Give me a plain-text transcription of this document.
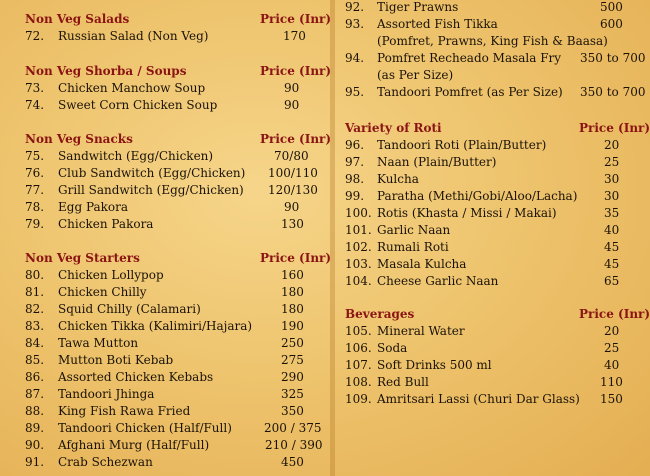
Non Veg Salads	Price (Inr)
72. Russian Salad (Non Veg)	170
Non Veg Shorba / Soups	Price (Inr)
73. Chicken Manchow Soup	90
74. Sweet Corn Chicken Soup	90
Non Veg Snacks	Price (Inr)
75. Sandwitch (Egg/Chicken)	70/80
76. Club Sandwitch (Egg/Chicken) 100/110
77. Grill Sandwitch (Egg/Chicken) 120/130
78. Egg Pakora	90
79. Chicken Pakora	130
Non Veg Starters	Price (Inr)
80. Chicken Lollypop	160
81. Chicken Chilly	180
82. Squid Chilly (Calamari)	180
83. Chicken Tikka (Kalimiri/Hajara) 190
84. Tawa Mutton	250
85. Mutton Boti Kebab	275
86. Assorted Chicken Kebabs	290
87. Tandoori Jhinga	325
88. King Fish Rawa Fried	350
89. Tandoori Chicken (Half/Full)	200 / 375
90. Afghani Murg (Half/Full)	210 / 390
91. Crab Schezwan	450
92. Tiger Prawns	500
93. Assorted Fish Tikka	600
(Pomfret, Prawns, King Fish & Baasa)
94. Pomfret Recheado Masala Fry 350 to 700
(as Per Size)
95. Tandoori Pomfret (as Per Size) 350 to 700
Variety of Roti	Price (Inr)
96. Tandoori Roti (Plain/Butter)	20
97. Naan (Plain/Butter)	25
98. Kulcha	30
99. Paratha (Methi/Gobi/Aloo/Lacha) 30
100. Rotis (Khasta / Missi / Makai)	35
101. Garlic Naan	40
102. Rumali Roti	45
103. Masala Kulcha	45
104. Cheese Garlic Naan	65
Beverages	Price (Inr)
105. Mineral Water	20
106. Soda	25
107. Soft Drinks 500 ml	40
108. Red Bull	110
109. Amritsari Lassi (Churi Dar Glass) 150
